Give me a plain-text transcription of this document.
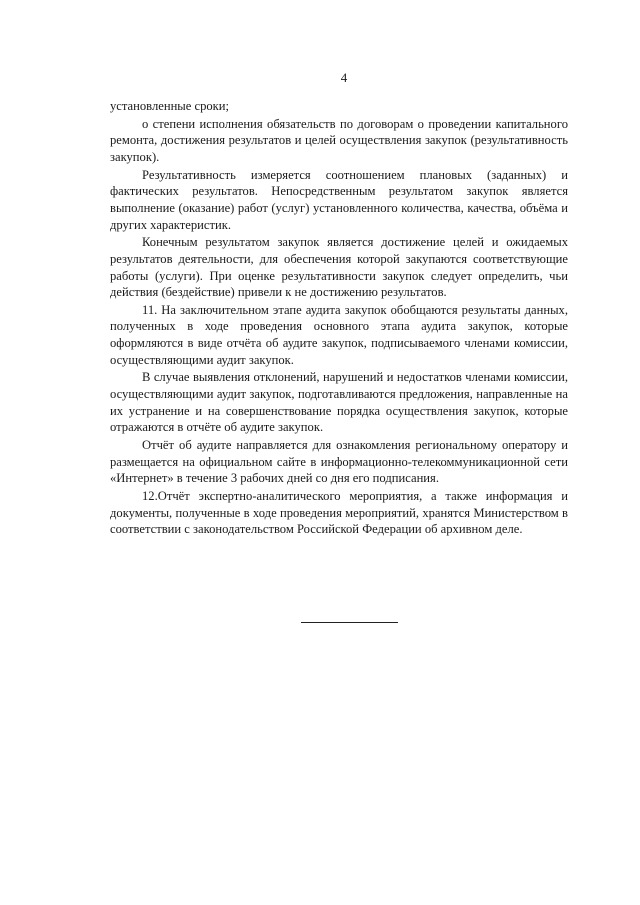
4

установленные сроки;

о степени исполнения обязательств по договорам о проведении капитального ремонта, достижения результатов и целей осуществления закупок (результативность закупок).

Результативность измеряется соотношением плановых (заданных) и фактических результатов. Непосредственным результатом закупок является выполнение (оказание) работ (услуг) установленного количества, качества, объёма и других характеристик.

Конечным результатом закупок является достижение целей и ожидаемых результатов деятельности, для обеспечения которой закупаются соответствующие работы (услуги). При оценке результативности закупок следует определить, чьи действия (бездействие) привели к не достижению результатов.

11. На заключительном этапе аудита закупок обобщаются результаты данных, полученных в ходе проведения основного этапа аудита закупок, которые оформляются в виде отчёта об аудите закупок, подписываемого членами комиссии, осуществляющими аудит закупок.

В случае выявления отклонений, нарушений и недостатков членами комиссии, осуществляющими аудит закупок, подготавливаются предложения, направленные на их устранение и на совершенствование порядка осуществления закупок, которые отражаются в отчёте об аудите закупок.

Отчёт об аудите направляется для ознакомления региональному оператору и размещается на официальном сайте в информационно-телекоммуникационной сети «Интернет» в течение 3 рабочих дней со дня его подписания.

12.Отчёт экспертно-аналитического мероприятия, а также информация и документы, полученные в ходе проведения мероприятий, хранятся Министерством в соответствии с законодательством Российской Федерации об архивном деле.
